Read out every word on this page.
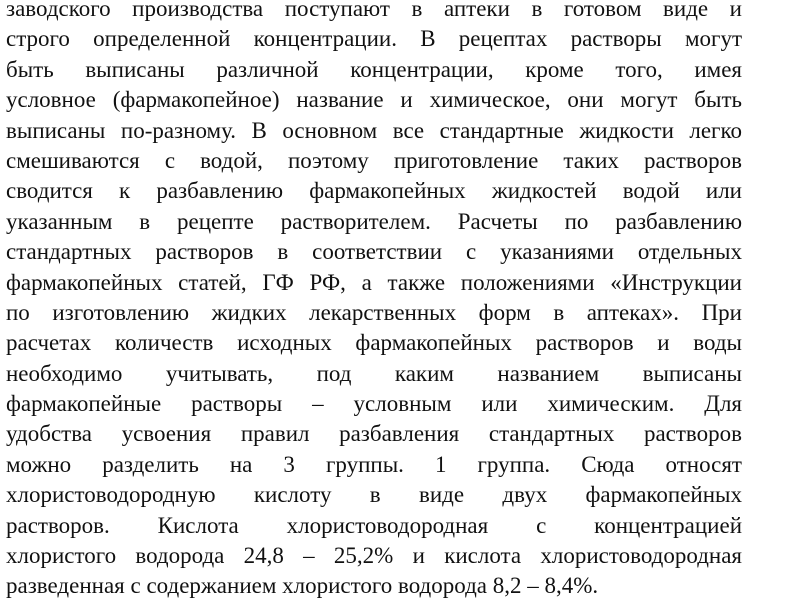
заводского производства поступают в аптеки в готовом виде и
строго определенной концентрации. В рецептах растворы могут
быть выписаны различной концентрации, кроме того, имея
условное (фармакопейное) название и химическое, они могут быть
выписаны по-разному. В основном все стандартные жидкости легко
смешиваются с водой, поэтому приготовление таких растворов
сводится к разбавлению фармакопейных жидкостей водой или
указанным в рецепте растворителем. Расчеты по разбавлению
стандартных растворов в соответствии с указаниями отдельных
фармакопейных статей, ГФ РФ, а также положениями «Инструкции
по изготовлению жидких лекарственных форм в аптеках». При
расчетах количеств исходных фармакопейных растворов и воды
необходимо учитывать, под каким названием выписаны
фармакопейные растворы – условным или химическим. Для
удобства усвоения правил разбавления стандартных растворов
можно разделить на 3 группы. 1 группа. Сюда относят
хлористоводородную кислоту в виде двух фармакопейных
растворов. Кислота хлористоводородная с концентрацией
хлористого водорода 24,8 – 25,2% и кислота хлористоводородная
разведенная с содержанием хлористого водорода 8,2 – 8,4%.
